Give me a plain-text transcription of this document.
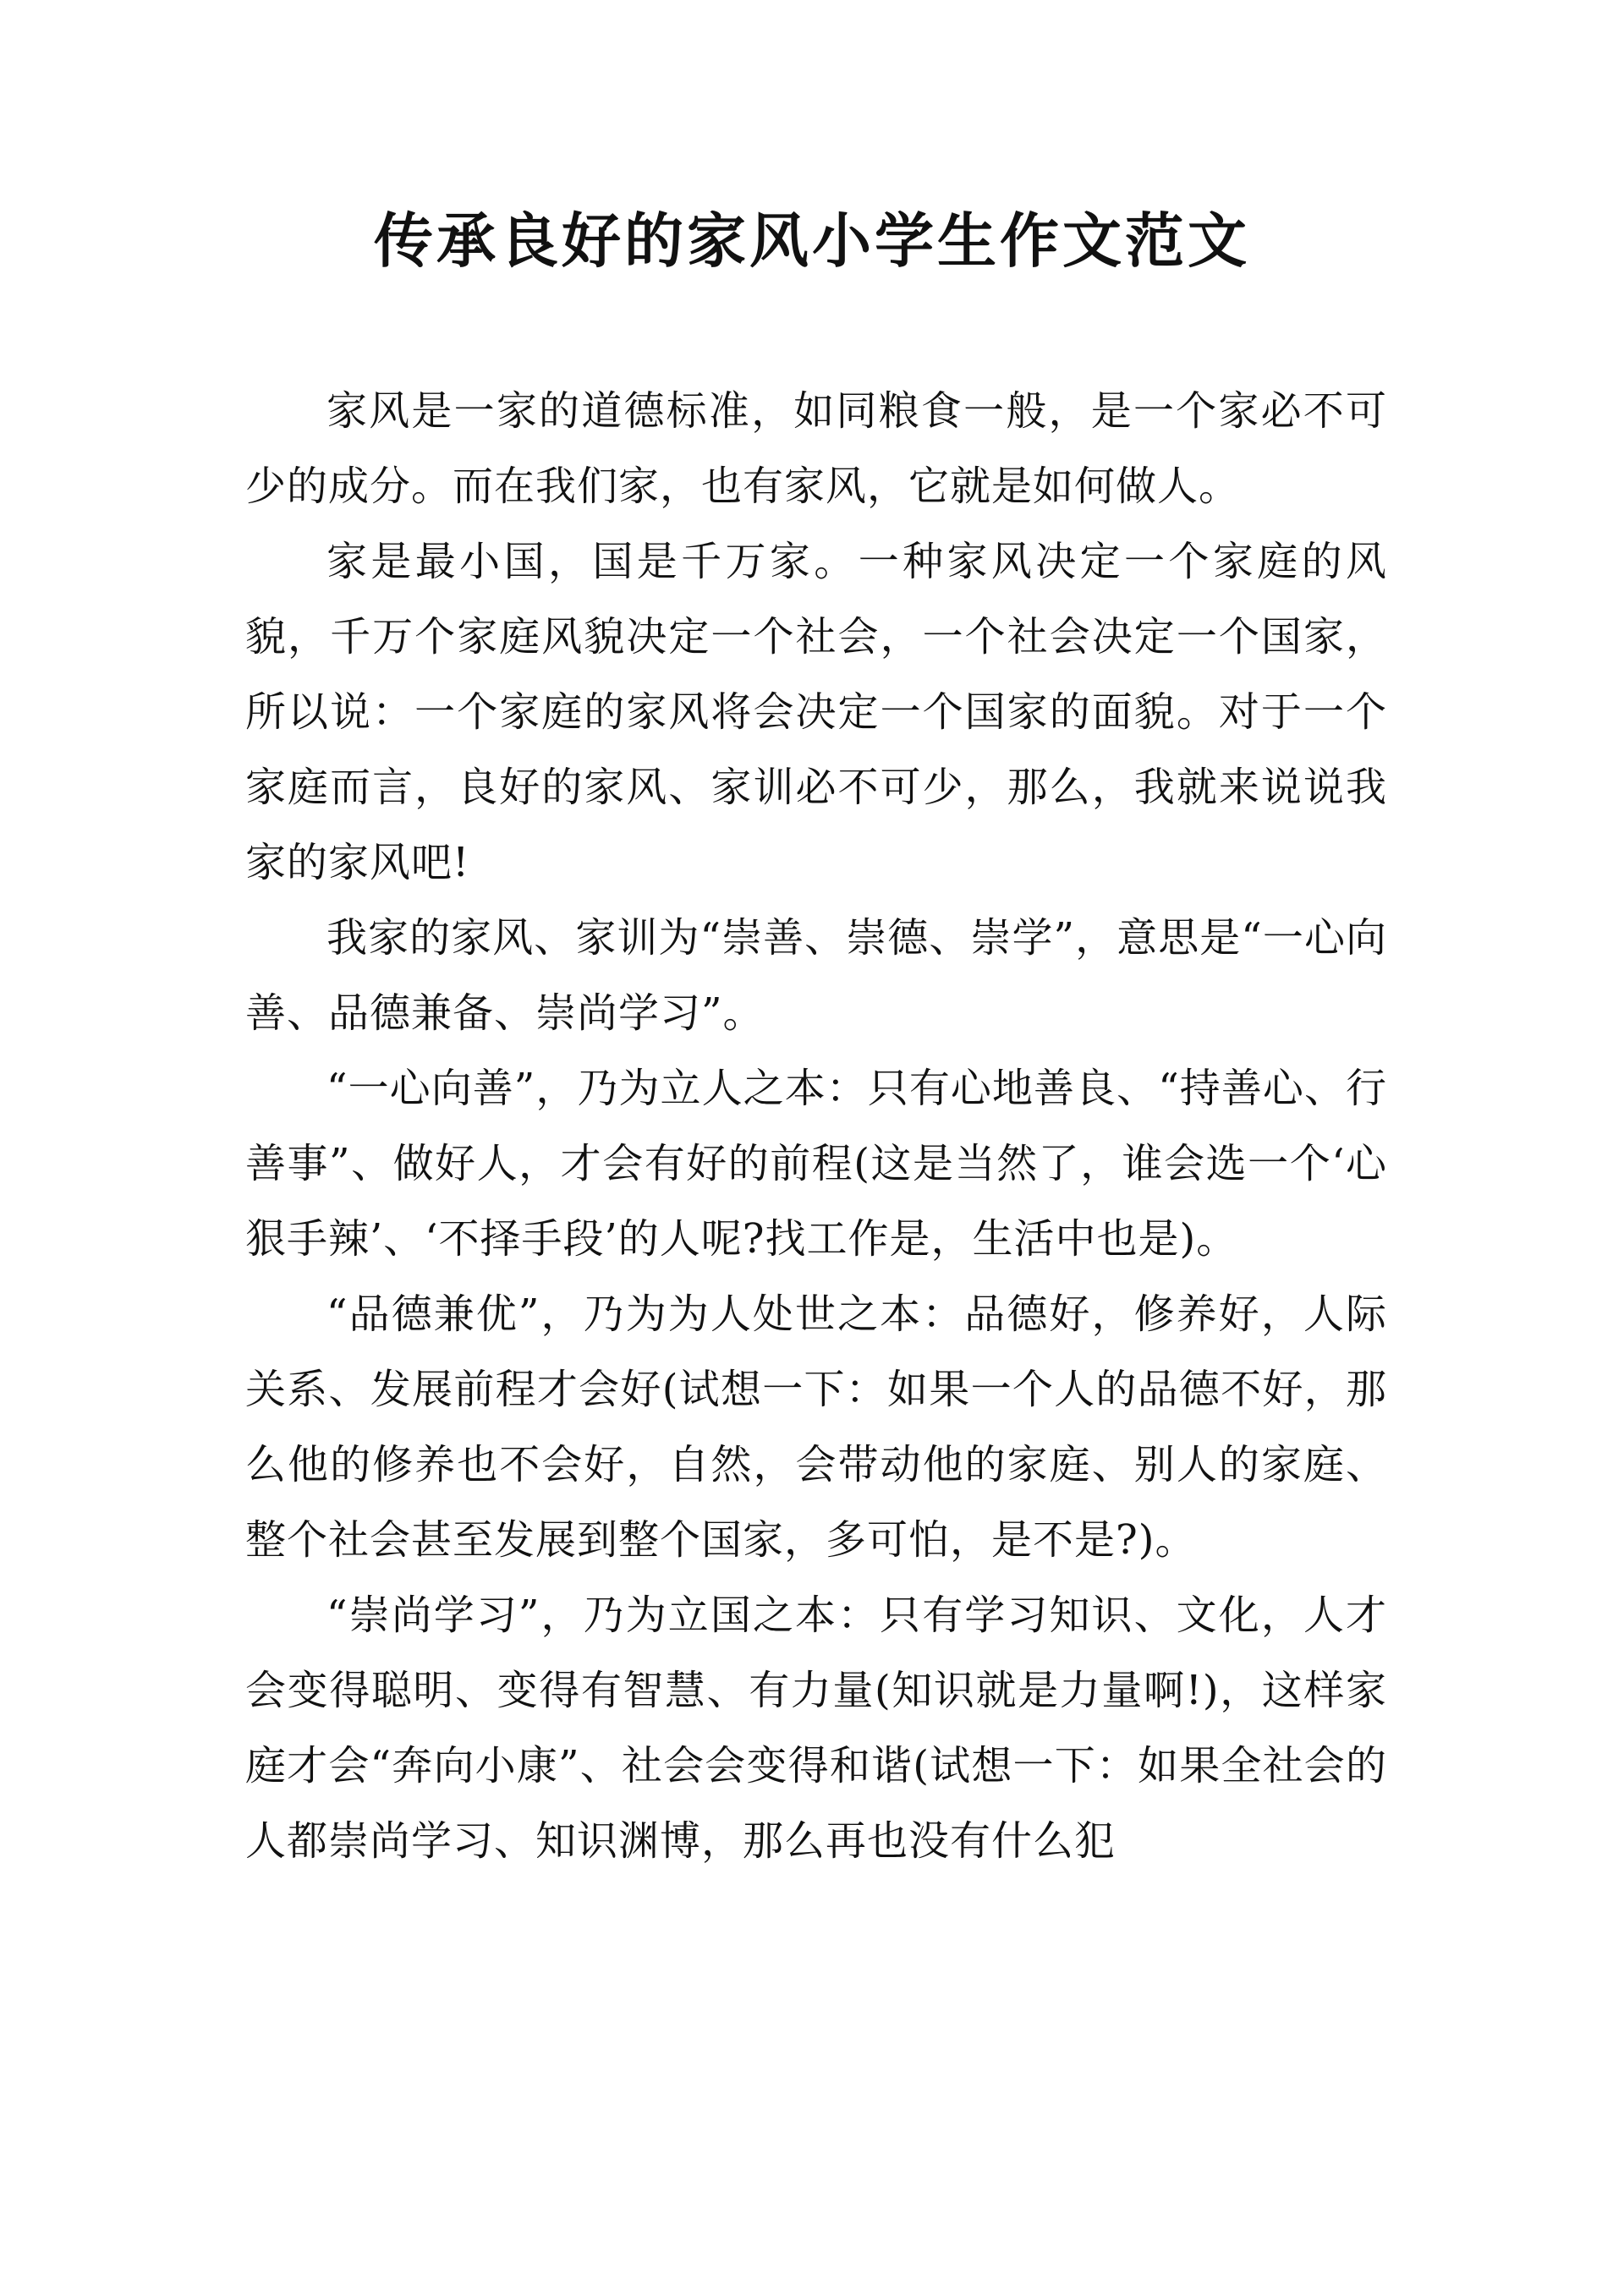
传承良好的家风小学生作文范文

家风是一家的道德标准，如同粮食一般，是一个家必不可少的成分。而在我们家，也有家风，它就是如何做人。

家是最小国，国是千万家。一种家风决定一个家庭的风貌，千万个家庭风貌决定一个社会，一个社会决定一个国家，所以说：一个家庭的家风将会决定一个国家的面貌。对于一个家庭而言，良好的家风、家训必不可少，那么，我就来说说我家的家风吧!

我家的家风、家训为“崇善、崇德、崇学”，意思是“一心向善、品德兼备、崇尚学习”。

“一心向善”，乃为立人之本：只有心地善良、“持善心、行善事”、做好人，才会有好的前程(这是当然了，谁会选一个‘心狠手辣’、‘不择手段’的人呢?找工作是，生活中也是)。

“品德兼优”，乃为为人处世之本：品德好，修养好，人际关系、发展前程才会好(试想一下：如果一个人的品德不好，那么他的修养也不会好，自然，会带动他的家庭、别人的家庭、整个社会甚至发展到整个国家，多可怕，是不是?)。

“崇尚学习”，乃为立国之本：只有学习知识、文化，人才会变得聪明、变得有智慧、有力量(知识就是力量啊!)，这样家庭才会“奔向小康”、社会会变得和谐(试想一下：如果全社会的人都崇尚学习、知识渊博，那么再也没有什么犯
